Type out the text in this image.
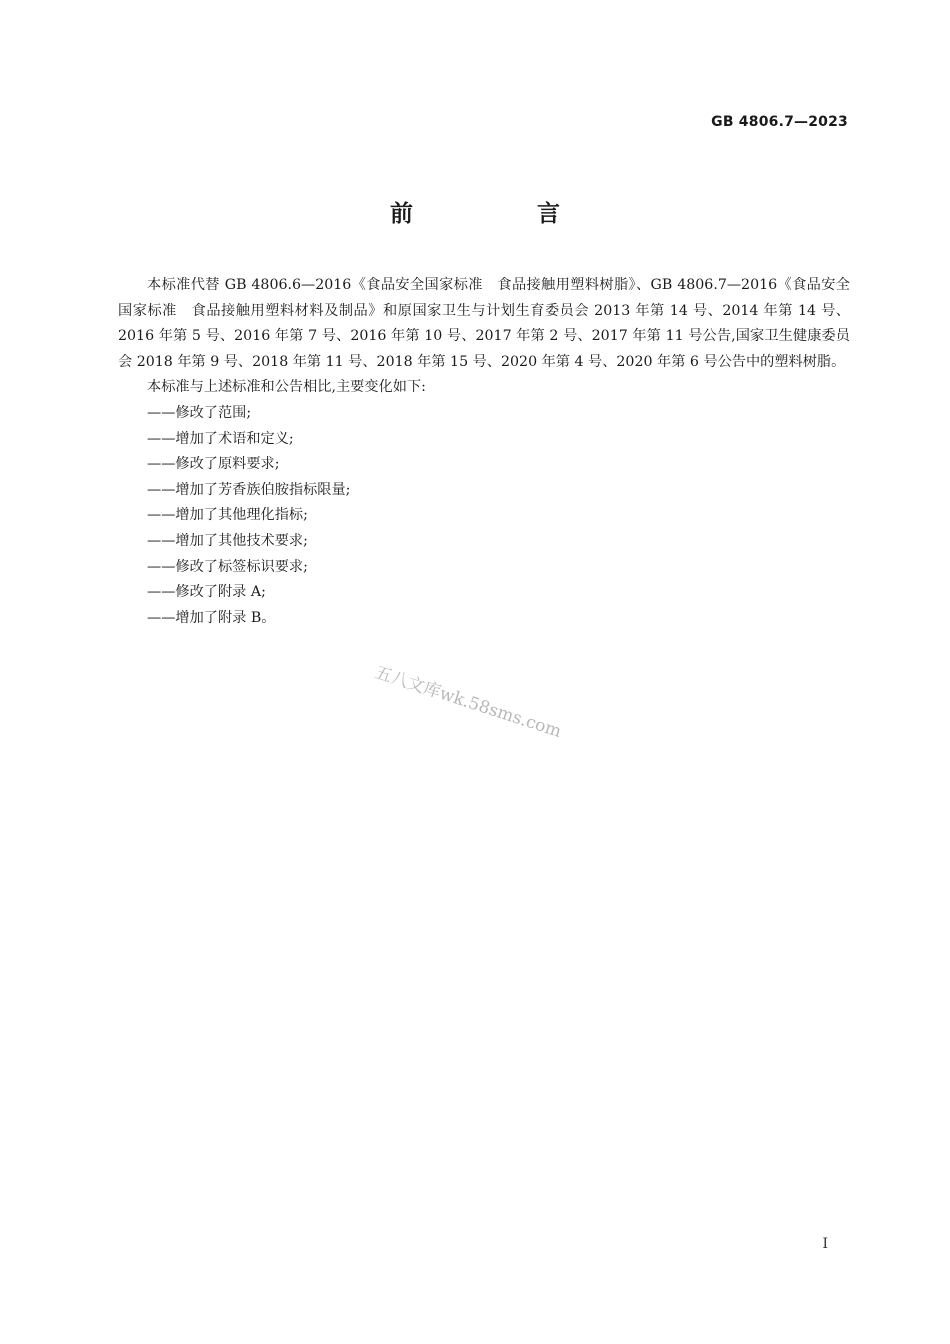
GB 4806.7—2023
前 言

本标准代替 GB 4806.6—2016《食品安全国家标准　食品接触用塑料树脂》、GB 4806.7—2016《食品安全国家标准　食品接触用塑料材料及制品》和原国家卫生与计划生育委员会 2013 年第 14 号、2014 年第 14 号、2016 年第 5 号、2016 年第 7 号、2016 年第 10 号、2017 年第 2 号、2017 年第 11 号公告,国家卫生健康委员会 2018 年第 9 号、2018 年第 11 号、2018 年第 15 号、2020 年第 4 号、2020 年第 6 号公告中的塑料树脂。

本标准与上述标准和公告相比,主要变化如下:

——修改了范围;
——增加了术语和定义;
——修改了原料要求;
——增加了芳香族伯胺指标限量;
——增加了其他理化指标;
——增加了其他技术要求;
——修改了标签标识要求;
——修改了附录 A;
——增加了附录 B。
五八文库wk.58sms.com
I
